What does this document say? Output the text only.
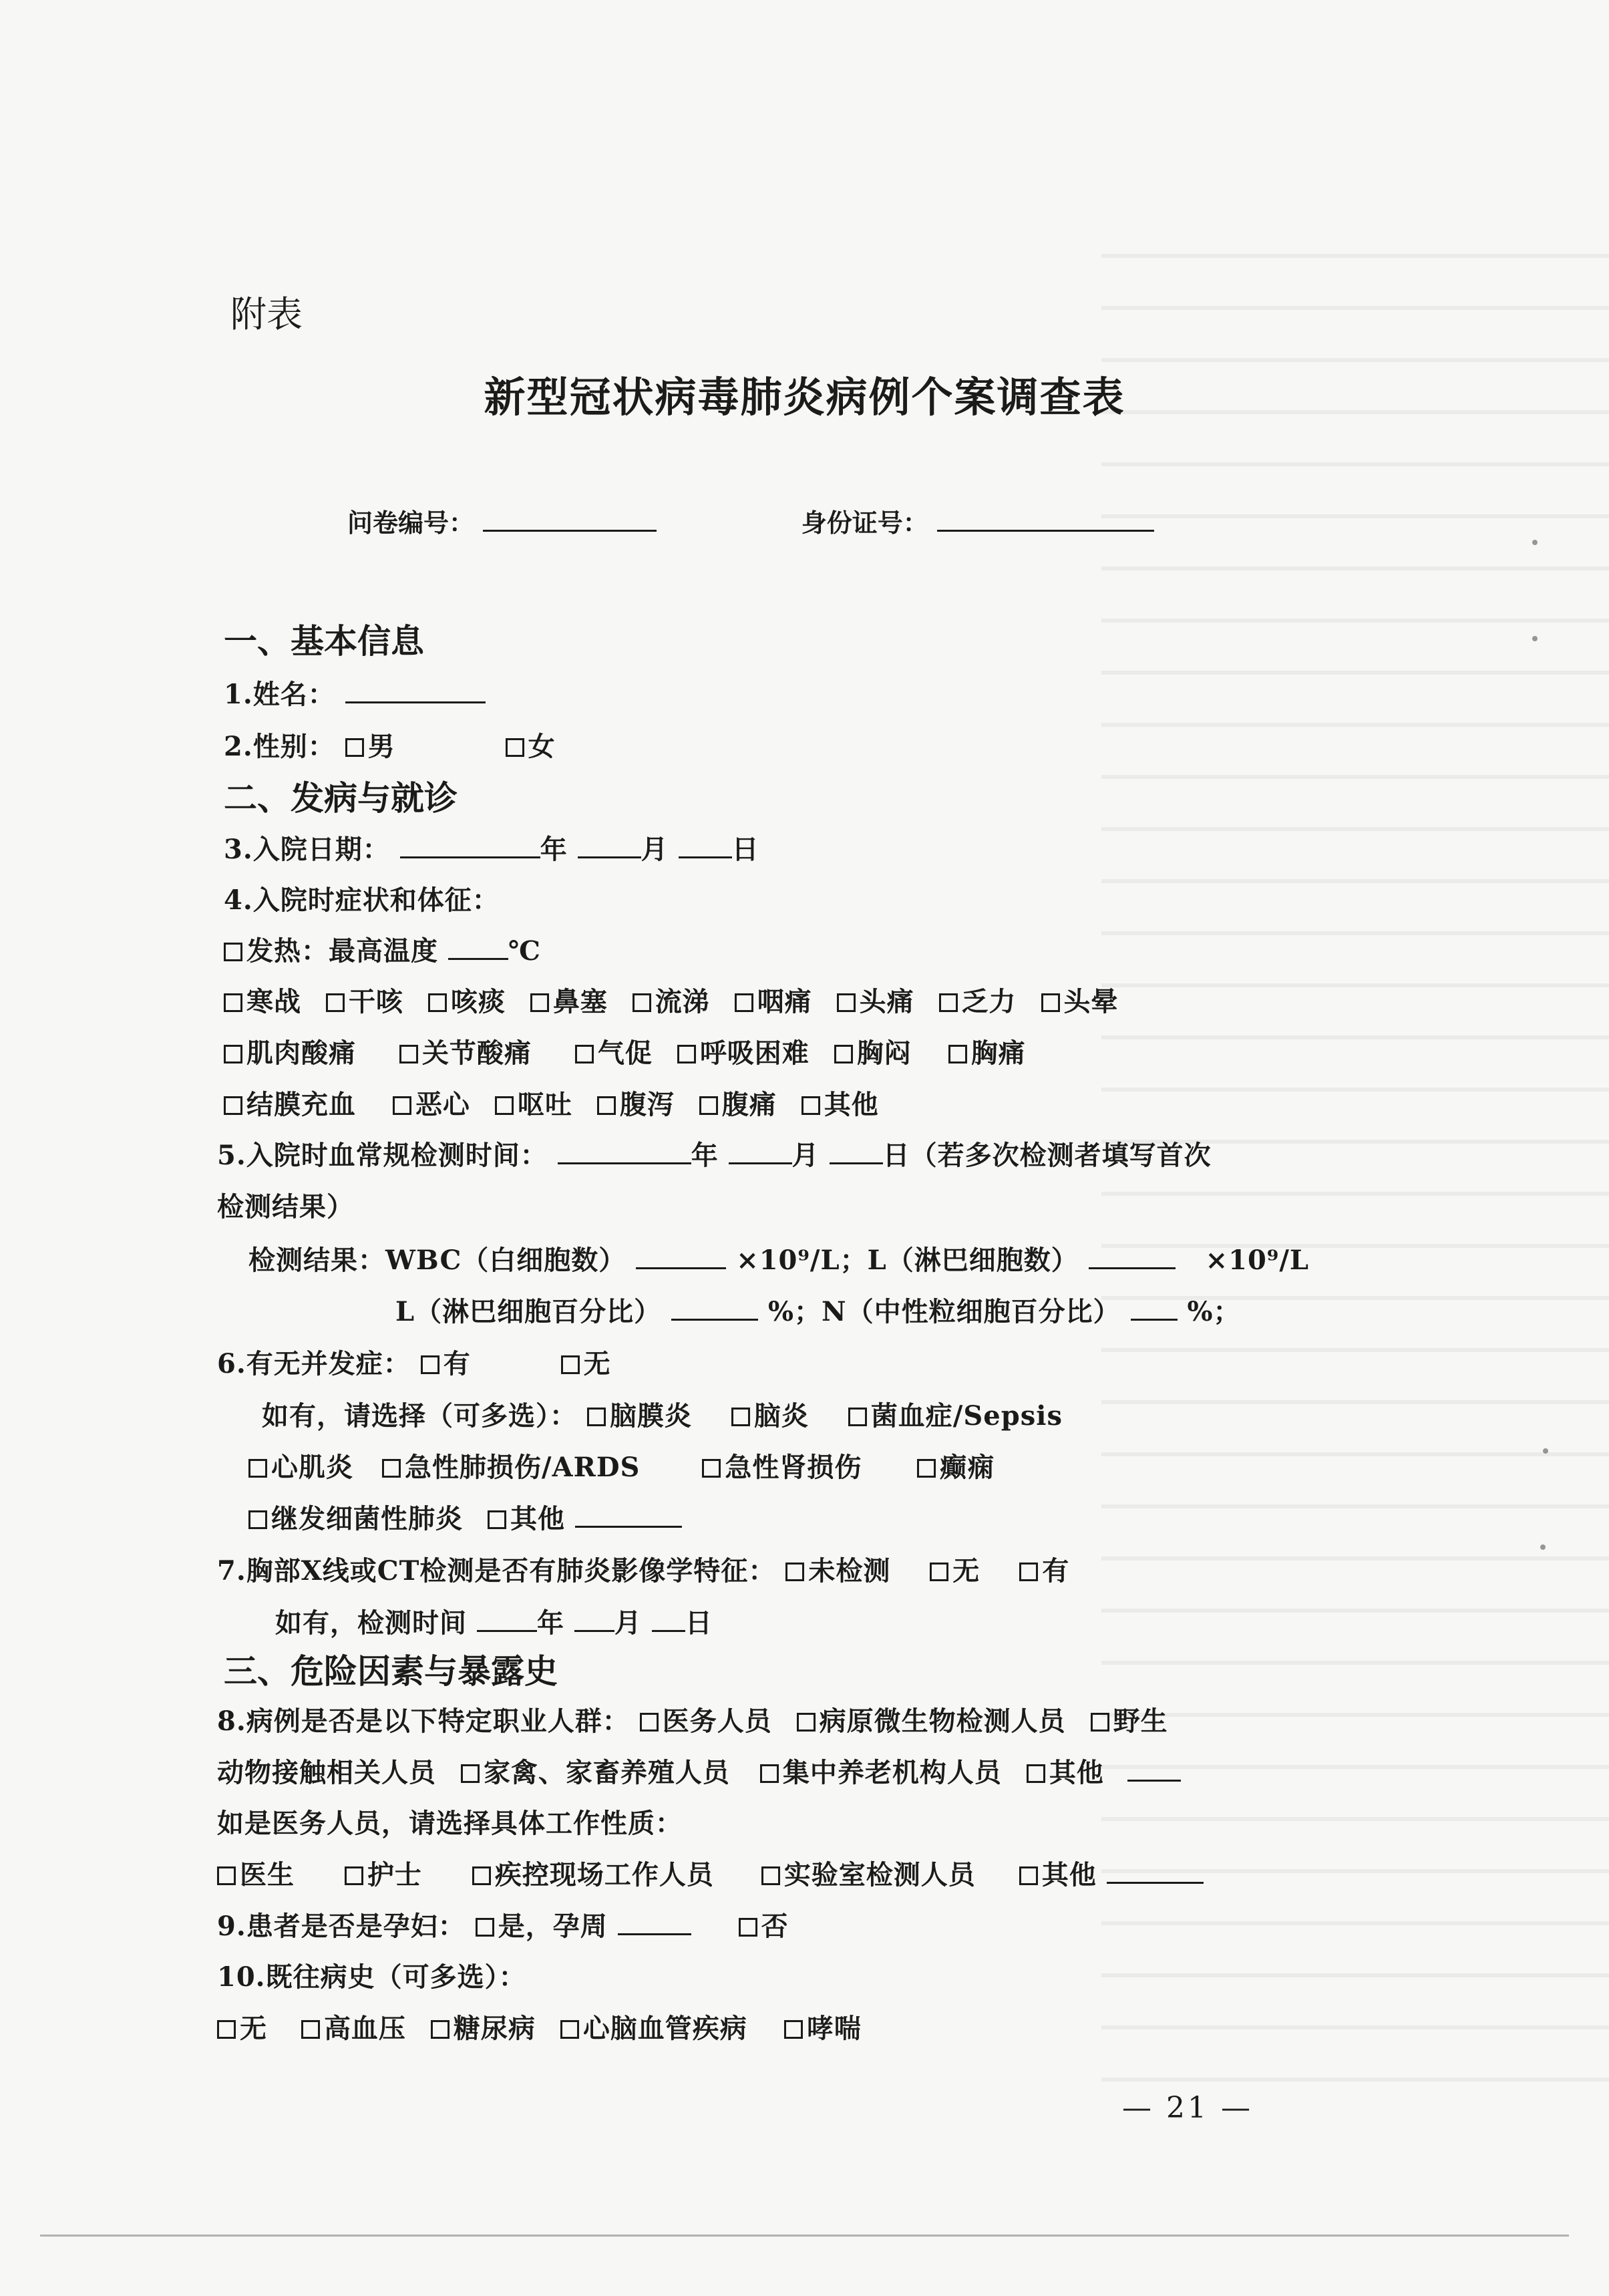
附表
新型冠状病毒肺炎病例个案调查表
问卷编号：	身份证号：
一、基本信息
1.姓名：
2.性别： 男	女
二、发病与就诊
3.入院日期：	年	月 日
4.入院时症状和体征：
发热：最高温度	℃
寒战 干咳 咳痰 鼻塞 流涕 咽痛 头痛 乏力 头晕
肌肉酸痛 关节酸痛 气促 呼吸困难 胸闷 胸痛
结膜充血 恶心 呕吐 腹泻 腹痛 其他
5.入院时血常规检测时间：	年	月 日（若多次检测者填写首次
检测结果）
检测结果：WBC（白细胞数）	×10⁹/L；L（淋巴细胞数）	×10⁹/L
L（淋巴细胞百分比）	%；N（中性粒细胞百分比） %；
6.有无并发症： 有	无
如有，请选择（可多选）： 脑膜炎 脑炎 菌血症/Sepsis
心肌炎 急性肺损伤/ARDS	急性肾损伤	癫痫
继发细菌性肺炎 其他
7.胸部X线或CT检测是否有肺炎影像学特征： 未检测 无 有
如有，检测时间	年 月 日
三、危险因素与暴露史
8.病例是否是以下特定职业人群： 医务人员 病原微生物检测人员 野生
动物接触相关人员 家禽、家畜养殖人员 集中养老机构人员 其他
如是医务人员，请选择具体工作性质：
医生	护士	疾控现场工作人员	实验室检测人员 其他
9.患者是否是孕妇： 是，孕周	否
10.既往病史（可多选）：
无 高血压 糖尿病 心脑血管疾病 哮喘
— 21 —
